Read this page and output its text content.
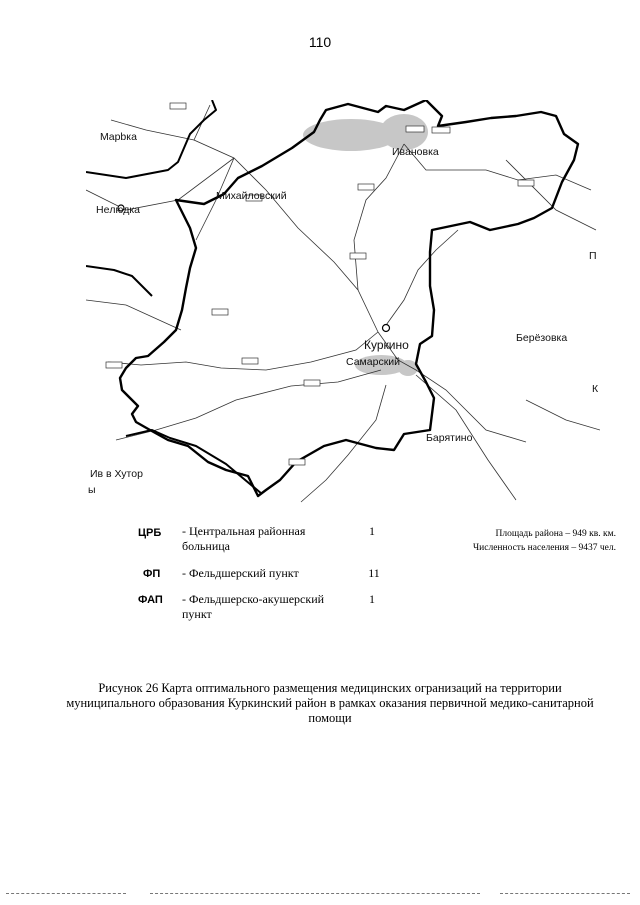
110
Куркино
Самарский
Ивановка
Михайловский
Берёзовка
Барятино
Мaрbка
Нeлюдка
Ив в Хутор
ы
П
К
ЦРБ - Центральная районная
больница
1
ФП - Фельдшерский пункт	11
ФАП - Фельдшерско-акушерский
пункт
1
Площадь района – 949 кв. км.
Численность населения – 9437 чел.
Рисунок 26 Карта оптимального размещения медицинских огранизаций на территории
муниципального образования Куркинский район в рамках оказания первичной медико-санитарной
помощи
